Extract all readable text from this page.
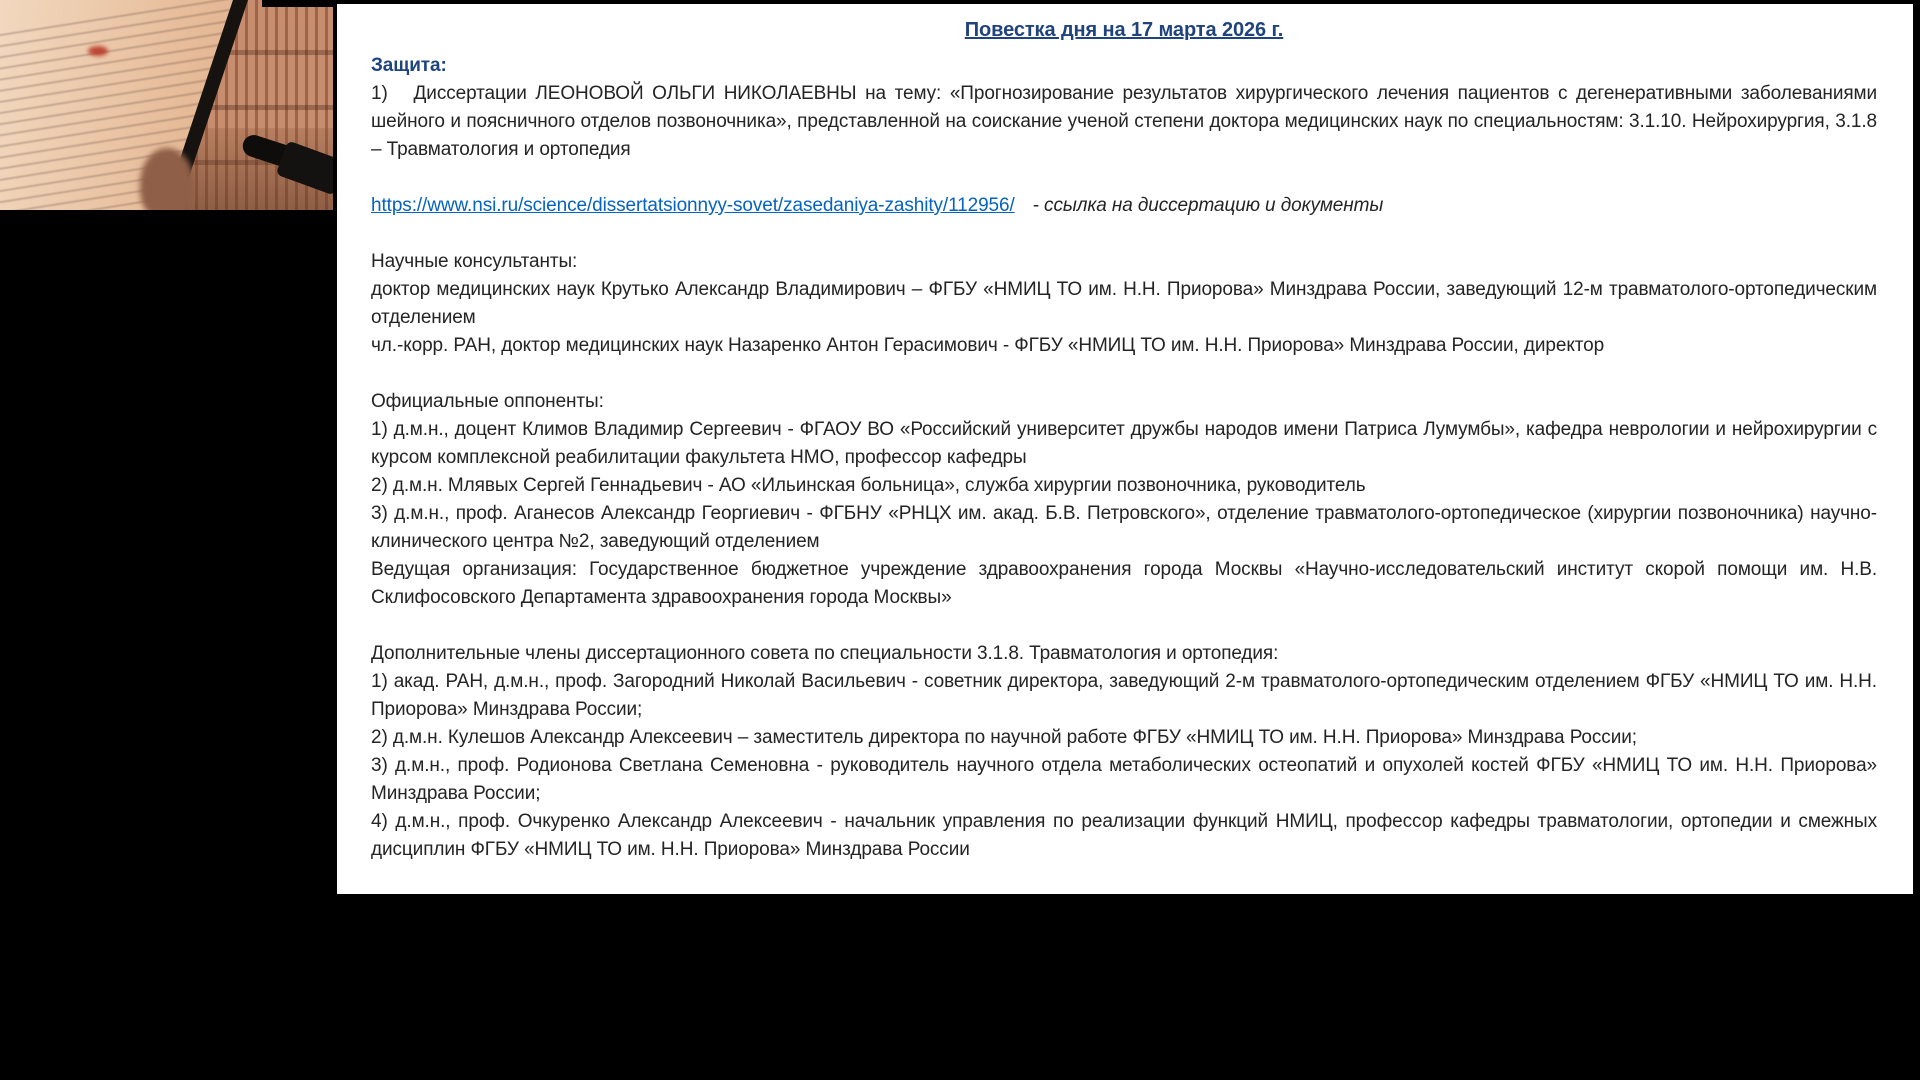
Повестка дня на 17 марта 2026 г.
Защита:
1)   Диссертации ЛЕОНОВОЙ ОЛЬГИ НИКОЛАЕВНЫ на тему: «Прогнозирование результатов хирургического лечения пациентов с дегенеративными заболеваниями шейного и поясничного отделов позвоночника», представленной на соискание ученой степени доктора медицинских наук по специальностям: 3.1.10. Нейрохирургия, 3.1.8 – Травматология и ортопедия
https://www.nsi.ru/science/dissertatsionnyy-sovet/zasedaniya-zashity/112956/ - ссылка на диссертацию и документы
Научные консультанты:
доктор медицинских наук Крутько Александр Владимирович – ФГБУ «НМИЦ ТО им. Н.Н. Приорова» Минздрава России, заведующий 12-м травматолого-ортопедическим отделением
чл.-корр. РАН, доктор медицинских наук Назаренко Антон Герасимович - ФГБУ «НМИЦ ТО им. Н.Н. Приорова» Минздрава России, директор
Официальные оппоненты:
1) д.м.н., доцент Климов Владимир Сергеевич - ФГАОУ ВО «Российский университет дружбы народов имени Патриса Лумумбы», кафедра неврологии и нейрохирургии с курсом комплексной реабилитации факультета НМО, профессор кафедры
2) д.м.н. Млявых Сергей Геннадьевич - АО «Ильинская больница», служба хирургии позвоночника, руководитель
3) д.м.н., проф. Аганесов Александр Георгиевич - ФГБНУ «РНЦХ им. акад. Б.В. Петровского», отделение травматолого-ортопедическое (хирургии позвоночника) научно-клинического центра №2, заведующий отделением
Ведущая организация: Государственное бюджетное учреждение здравоохранения города Москвы «Научно-исследовательский институт скорой помощи им. Н.В. Склифосовского Департамента здравоохранения города Москвы»
Дополнительные члены диссертационного совета по специальности 3.1.8. Травматология и ортопедия:
1) акад. РАН, д.м.н., проф. Загородний Николай Васильевич - советник директора, заведующий 2-м травматолого-ортопедическим отделением ФГБУ «НМИЦ ТО им. Н.Н. Приорова» Минздрава России;
2) д.м.н. Кулешов Александр Алексеевич – заместитель директора по научной работе ФГБУ «НМИЦ ТО им. Н.Н. Приорова» Минздрава России;
3) д.м.н., проф. Родионова Светлана Семеновна - руководитель научного отдела метаболических остеопатий и опухолей костей ФГБУ «НМИЦ ТО им. Н.Н. Приорова» Минздрава России;
4) д.м.н., проф. Очкуренко Александр Алексеевич - начальник управления по реализации функций НМИЦ, профессор кафедры травматологии, ортопедии и смежных дисциплин ФГБУ «НМИЦ ТО им. Н.Н. Приорова» Минздрава России
